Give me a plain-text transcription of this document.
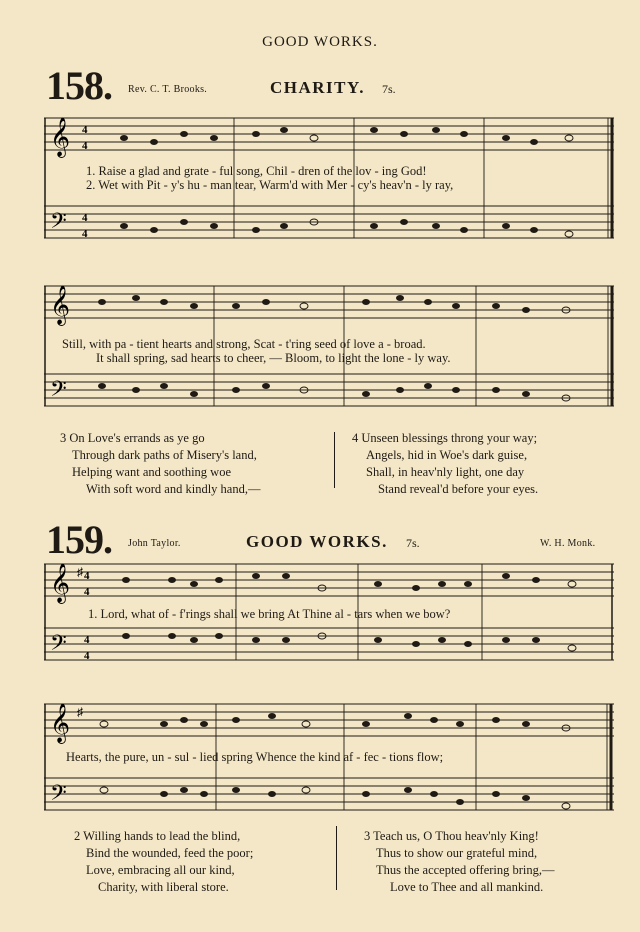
GOOD WORKS.
158. Rev. C. T. Brooks.	CHARITY. 7s.
𝄞
𝄢
4
4
4
4
1. Raise a glad and grate - ful song, Chil - dren of the lov - ing God!
2. Wet with Pit - y's hu - man tear, Warm'd with Mer - cy's heav'n - ly ray,
𝄞
𝄢
Still, with pa - tient hearts and strong, Scat - t'ring seed of love a - broad.
It shall spring, sad hearts to cheer, — Bloom, to light the lone - ly way.
3 On Love's errands as ye go
Through dark paths of Misery's land,
Helping want and soothing woe
With soft word and kindly hand,—
4 Unseen blessings throng your way;
Angels, hid in Woe's dark guise,
Shall, in heav'nly light, one day
Stand reveal'd before your eyes.
159. John Taylor.	GOOD WORKS. 7s.	W. H. Monk.
𝄞
𝄢
♯ 4
4
4
4
1. Lord, what of - f'rings shall we bring At Thine al - tars when we bow?
𝄞
𝄢
♯
Hearts, the pure, un - sul - lied spring Whence the kind af - fec - tions flow;
2 Willing hands to lead the blind,
Bind the wounded, feed the poor;
Love, embracing all our kind,
Charity, with liberal store.
3 Teach us, O Thou heav'nly King!
Thus to show our grateful mind,
Thus the accepted offering bring,—
Love to Thee and all mankind.
